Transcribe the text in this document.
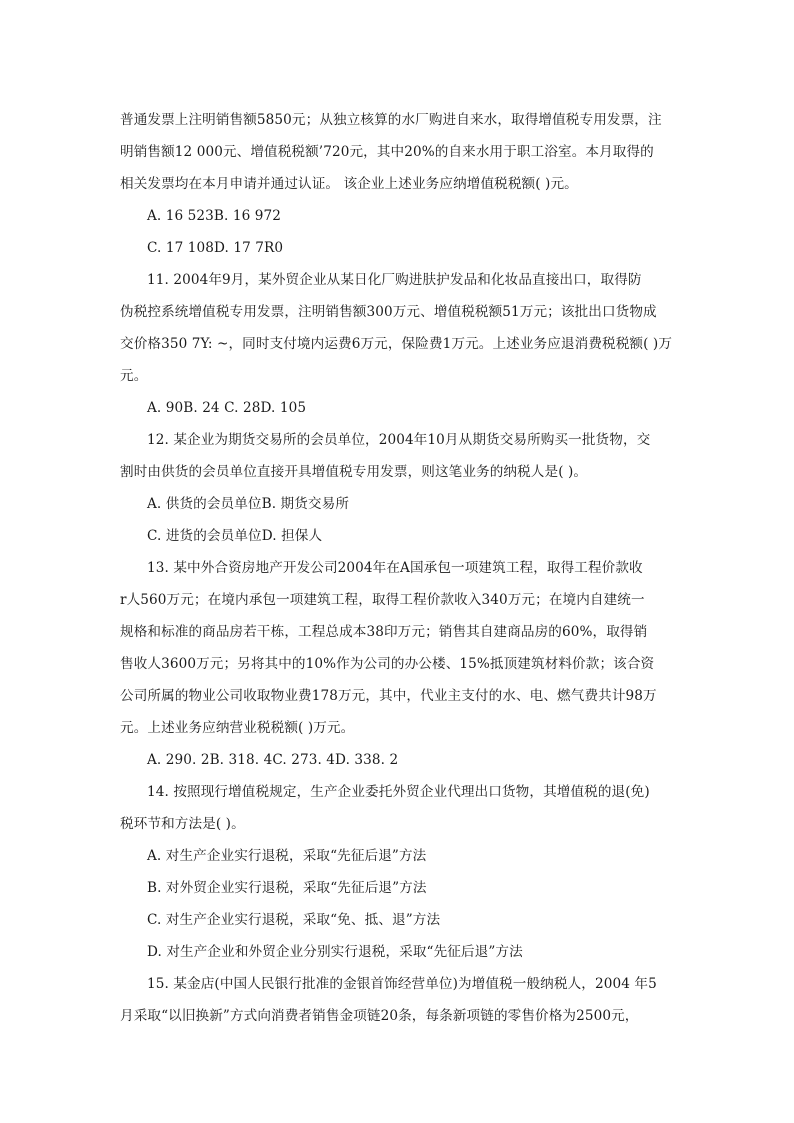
普通发票上注明销售额5850元；从独立核算的水厂购进自来水，取得增值税专用发票，注
明销售额12 000元、增值税税额’720元，其中20%的自来水用于职工浴室。本月取得的
相关发票均在本月申请并通过认证。 该企业上述业务应纳增值税税额( )元。
A. 16 523B. 16 972
C. 17 108D. 17 7R0
11. 2004年9月，某外贸企业从某日化厂购进肤护发品和化妆品直接出口，取得防
伪税控系统增值税专用发票，注明销售额300万元、增值税税额51万元；该批出口货物成
交价格350 7Y: ~，同时支付境内运费6万元，保险费1万元。上述业务应退消费税税额( )万
元。
A. 90B. 24 C. 28D. 105
12. 某企业为期货交易所的会员单位，2004年10月从期货交易所购买一批货物，交
割时由供货的会员单位直接开具增值税专用发票，则这笔业务的纳税人是( )。
A. 供货的会员单位B. 期货交易所
C. 进货的会员单位D. 担保人
13. 某中外合资房地产开发公司2004年在A国承包一项建筑工程，取得工程价款收
r人560万元；在境内承包一项建筑工程，取得工程价款收入340万元；在境内自建统一
规格和标准的商品房若干栋，工程总成本38印万元；销售其自建商品房的60%，取得销
售收人3600万元；另将其中的10%作为公司的办公楼、15%抵顶建筑材料价款；该合资
公司所属的物业公司收取物业费178万元，其中，代业主支付的水、电、燃气费共计98万
元。上述业务应纳营业税税额( )万元。
A. 290. 2B. 318. 4C. 273. 4D. 338. 2
14. 按照现行增值税规定，生产企业委托外贸企业代理出口货物，其增值税的退(免)
税环节和方法是( )。
A. 对生产企业实行退税，采取“先征后退”方法
B. 对外贸企业实行退税，采取“先征后退”方法
C. 对生产企业实行退税，采取“免、抵、退”方法
D. 对生产企业和外贸企业分别实行退税，采取“先征后退”方法
15. 某金店(中国人民银行批准的金银首饰经营单位)为增值税一般纳税人，2004 年5
月采取“以旧换新”方式向消费者销售金项链20条，每条新项链的零售价格为2500元，
